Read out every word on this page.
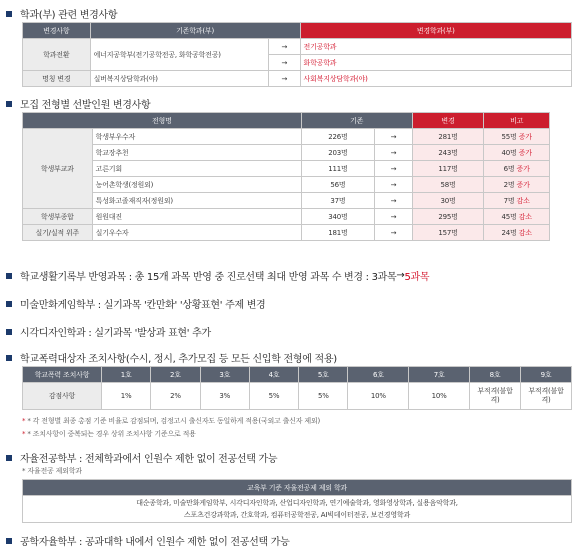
학과(부) 관련 변경사항
변경사항	기존학과(부)		변경학과(부)
학과전환	에너지공학부(전기공학전공, 화학공학전공)	→	전기공학과
		→	화학공학과
명칭 변경	실버복지상담학과(야)	→	사회복지상담학과(야)
모집 전형별 선발인원 변경사항
전형명		기존		변경	비고
학생부교과	학생부우수자	226명	→	281명	55명 증가
	학교장추천	203명	→	243명	40명 증가
	고른기회	111명	→	117명	6명 증가
	농어촌학생(정원외)	56명	→	58명	2명 증가
	특성화고졸재직자(정원외)	37명	→	30명	7명 감소
학생부종합	원원대진	340명	→	295명	45명 감소
실기/실적 위주	실기우수자	181명	→	157명	24명 감소
학교생활기록부 반영과목 : 총 15개 과목 반영 중 진로선택 최대 반영 과목 수 변경 : 3과목 → 5과목
미술만화게임학부 : 실기과목 '칸만화' '상황표현' 주제 변경
시각디자인학과 : 실기과목 '발상과 표현' 추가
학교폭력대상자 조치사항(수시, 정시, 추가모집 등 모든 신입학 전형에 적용)
학교폭력 조치사항	1호	2호	3호	4호	5호	6호	7호	8호	9호
감점사항	1%	2%	3%	5%	5%	10%	10%	부적격(불합격)	부적격(불합격)
* * 각 전형별 최종 총점 기준 비율로 감점되며, 검정고시 출신자도 동일하게 적용(국외고 출신자 제외)
* * 조치사항이 중복되는 경우 상위 조치사항 기준으로 적용
자율전공학부 : 전체학과에서 인원수 제한 없이 전공선택 가능
* 자율전공 제외학과
교육부 기준 자율전공제 제외 학과

대순종학과, 미술만화게임학부, 시각디자인학과, 산업디자인학과, 연기예술학과, 영화영상학과, 실용음악학과,
스포츠건강과학과, 간호학과, 컴퓨터공학전공, AI빅데이터전공, 보건경영학과
공학자율학부 : 공과대학 내에서 인원수 제한 없이 전공선택 가능
